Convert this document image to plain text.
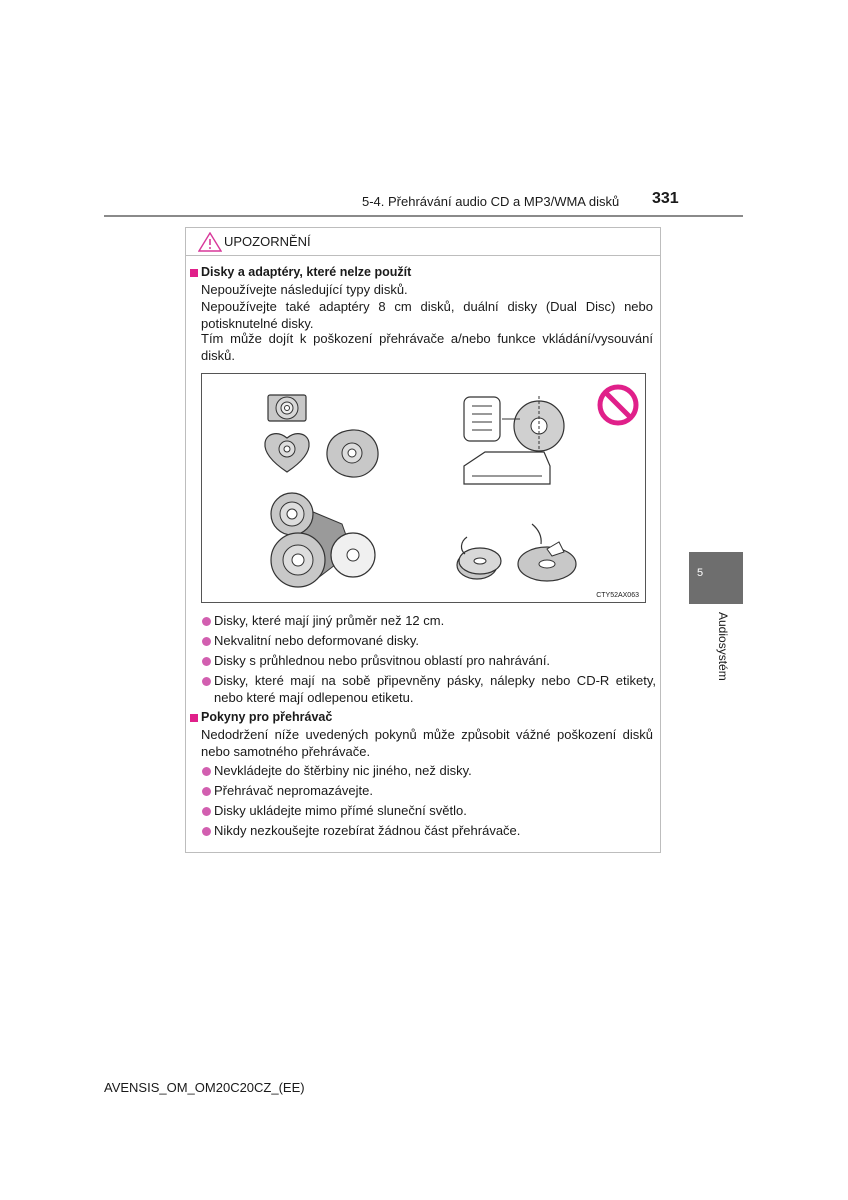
5-4. Přehrávání audio CD a MP3/WMA disků 331
5
Audiosystém
UPOZORNĚNÍ
Disky a adaptéry, které nelze použít
Nepoužívejte následující typy disků.
Nepoužívejte také adaptéry 8 cm disků, duální disky (Dual Disc) nebo potisknutelné disky.
Tím může dojít k poškození přehrávače a/nebo funkce vkládání/vysouvání disků.
CTY52AX063
Disky, které mají jiný průměr než 12 cm.
Nekvalitní nebo deformované disky.
Disky s průhlednou nebo průsvitnou oblastí pro nahrávání.
Disky, které mají na sobě připevněny pásky, nálepky nebo CD-R etikety, nebo které mají odlepenou etiketu.
Pokyny pro přehrávač
Nedodržení níže uvedených pokynů může způsobit vážné poškození disků nebo samotného přehrávače.
Nevkládejte do štěrbiny nic jiného, než disky.
Přehrávač nepromazávejte.
Disky ukládejte mimo přímé sluneční světlo.
Nikdy nezkoušejte rozebírat žádnou část přehrávače.
AVENSIS_OM_OM20C20CZ_(EE)
